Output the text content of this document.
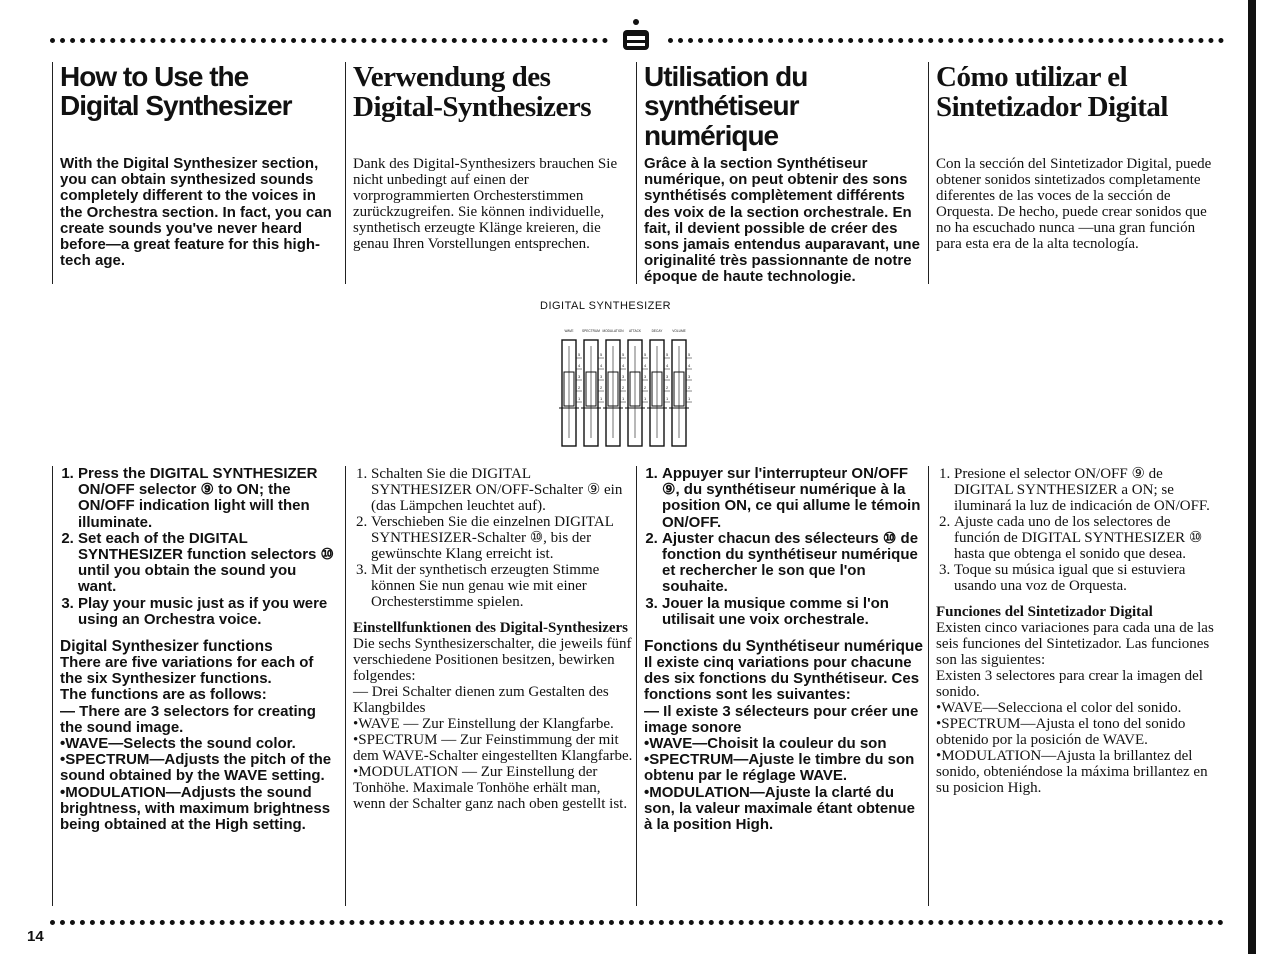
How to Use the
Digital Synthesizer

With the Digital Synthesizer section, you can obtain synthesized sounds completely different to the voices in the Orchestra section. In fact, you can create sounds you've never heard before—a great feature for this high-tech age.

Verwendung des
Digital-Synthesizers

Dank des Digital-Synthesizers brauchen Sie nicht unbedingt auf einen der vorprogrammierten Orchesterstimmen zurückzugreifen. Sie können individuelle, synthetisch erzeugte Klänge kreieren, die genau Ihren Vorstellungen entsprechen.

Utilisation du
synthétiseur
numérique

Grâce à la section Synthétiseur numérique, on peut obtenir des sons synthétisés complètement différents des voix de la section orchestrale. En fait, il devient possible de créer des sons jamais entendus auparavant, une originalité très passionnante de notre époque de haute technologie.

Cómo utilizar el
Sintetizador Digital

Con la sección del Sintetizador Digital, puede obtener sonidos sintetizados completamente diferentes de las voces de la sección de Orquesta. De hecho, puede crear sonidos que no ha escuchado nunca —una gran función para esta era de la alta tecnología.

DIGITAL SYNTHESIZER
WAVE	SPECTRUM MODULATION ATTACK	DECAY	VOLUME
5
4
3
2
1
5
4
3
2
1
5
4
3
2
1
5
4
3
2
1
5
4
3
2
1
5
4
3
2
1
1. Press the DIGITAL SYNTHESIZER ON/OFF selector ⑨ to ON; the ON/OFF indication light will then illuminate.
2. Set each of the DIGITAL SYNTHESIZER function selectors ⑩ until you obtain the sound you want.
3. Play your music just as if you were using an Orchestra voice.
Digital Synthesizer functions

There are five variations for each of the six Synthesizer functions.

The functions are as follows:

— There are 3 selectors for creating the sound image.

•WAVE—Selects the sound color.

•SPECTRUM—Adjusts the pitch of the sound obtained by the WAVE setting.

•MODULATION—Adjusts the sound brightness, with maximum brightness being obtained at the High setting.

1. Schalten Sie die DIGITAL SYNTHESIZER ON/OFF-Schalter ⑨ ein (das Lämpchen leuchtet auf).
2. Verschieben Sie die einzelnen DIGITAL SYNTHESIZER-Schalter ⑩, bis der gewünschte Klang erreicht ist.
3. Mit der synthetisch erzeugten Stimme können Sie nun genau wie mit einer Orchesterstimme spielen.
Einstellfunktionen des Digital-Synthesizers

Die sechs Synthesizerschalter, die jeweils fünf verschiedene Positionen besitzen, bewirken folgendes:

— Drei Schalter dienen zum Gestalten des Klangbildes

•WAVE — Zur Einstellung der Klangfarbe.

•SPECTRUM — Zur Feinstimmung der mit dem WAVE-Schalter eingestellten Klangfarbe.

•MODULATION — Zur Einstellung der Tonhöhe. Maximale Tonhöhe erhält man, wenn der Schalter ganz nach oben gestellt ist.

1. Appuyer sur l'interrupteur ON/OFF ⑨, du synthétiseur numérique à la position ON, ce qui allume le témoin ON/OFF.
2. Ajuster chacun des sélecteurs ⑩ de fonction du synthétiseur numérique et rechercher le son que l'on souhaite.
3. Jouer la musique comme si l'on utilisait une voix orchestrale.
Fonctions du Synthétiseur numérique

Il existe cinq variations pour chacune des six fonctions du Synthétiseur. Ces fonctions sont les suivantes:

— Il existe 3 sélecteurs pour créer une image sonore

•WAVE—Choisit la couleur du son

•SPECTRUM—Ajuste le timbre du son obtenu par le réglage WAVE.

•MODULATION—Ajuste la clarté du son, la valeur maximale étant obtenue à la position High.

1. Presione el selector ON/OFF ⑨ de DIGITAL SYNTHESIZER a ON; se iluminará la luz de indicación de ON/OFF.
2. Ajuste cada uno de los selectores de función de DIGITAL SYNTHESIZER ⑩ hasta que obtenga el sonido que desea.
3. Toque su música igual que si estuviera usando una voz de Orquesta.
Funciones del Sintetizador Digital

Existen cinco variaciones para cada una de las seis funciones del Sintetizador. Las funciones son las siguientes:

Existen 3 selectores para crear la imagen del sonido.

•WAVE—Selecciona el color del sonido.

•SPECTRUM—Ajusta el tono del sonido obtenido por la posición de WAVE.

•MODULATION—Ajusta la brillantez del sonido, obteniéndose la máxima brillantez en su posicion High.

14
